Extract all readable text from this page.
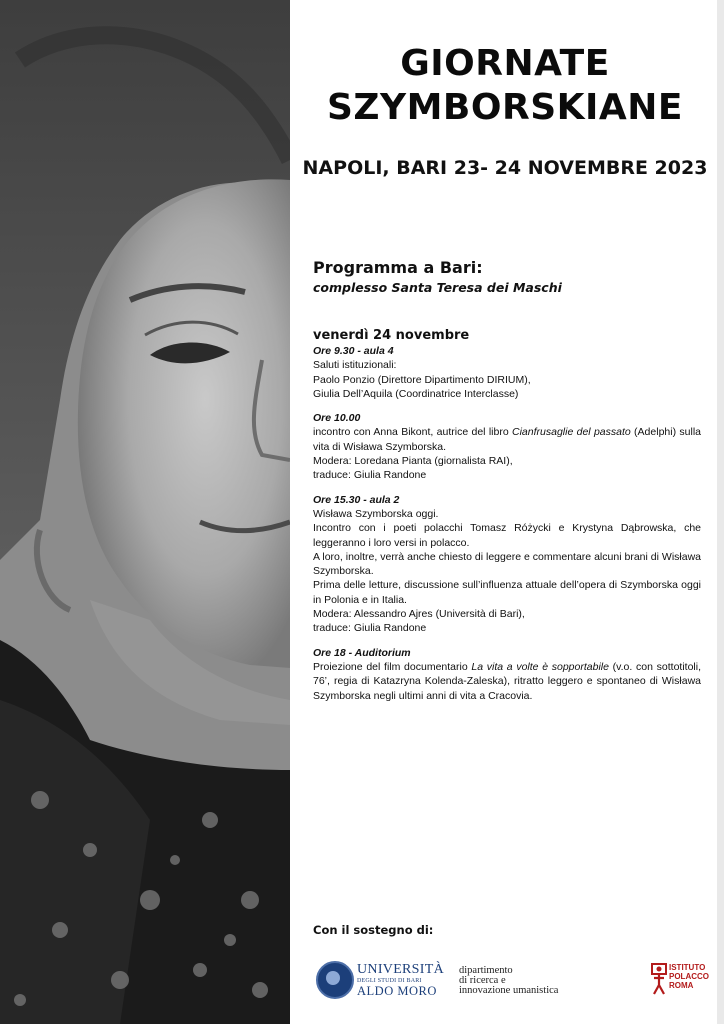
GIORNATE
SZYMBORSKIANE
NAPOLI, BARI 23- 24 NOVEMBRE 2023
Programma a Bari:
complesso Santa Teresa dei Maschi
venerdì 24 novembre
Ore 9.30 - aula 4

Saluti istituzionali:

Paolo Ponzio (Direttore Dipartimento DIRIUM),

Giulia Dell’Aquila (Coordinatrice Interclasse)

Ore 10.00

incontro con Anna Bikont, autrice del libro Cianfrusaglie del passato (Adelphi) sulla vita di Wisława Szymborska.

Modera: Loredana Pianta (giornalista RAI),

traduce: Giulia Randone

Ore 15.30 - aula 2

Wisława Szymborska oggi.

Incontro con i poeti polacchi Tomasz Różycki e Krystyna Dąbrowska, che leggeranno i loro versi in polacco.

A loro, inoltre, verrà anche chiesto di leggere e commentare alcuni brani di Wisława Szymborska.

Prima delle letture, discussione sull’influenza attuale dell’opera di Szymborska oggi in Polonia e in Italia.

Modera: Alessandro Ajres (Università di Bari),

traduce: Giulia Randone

Ore 18 - Auditorium

Proiezione del film documentario La vita a volte è sopportabile (v.o. con sottotitoli, 76’, regia di Katazryna Kolenda-Zaleska), ritratto leggero e spontaneo di Wisława Szymborska negli ultimi anni di vita a Cracovia.

Con il sostegno di:
UNIVERSITÀ
DEGLI STUDI DI BARI
ALDO MORO
dipartimento
di ricerca e
innovazione umanistica
ISTITUTO
POLACCO
ROMA
